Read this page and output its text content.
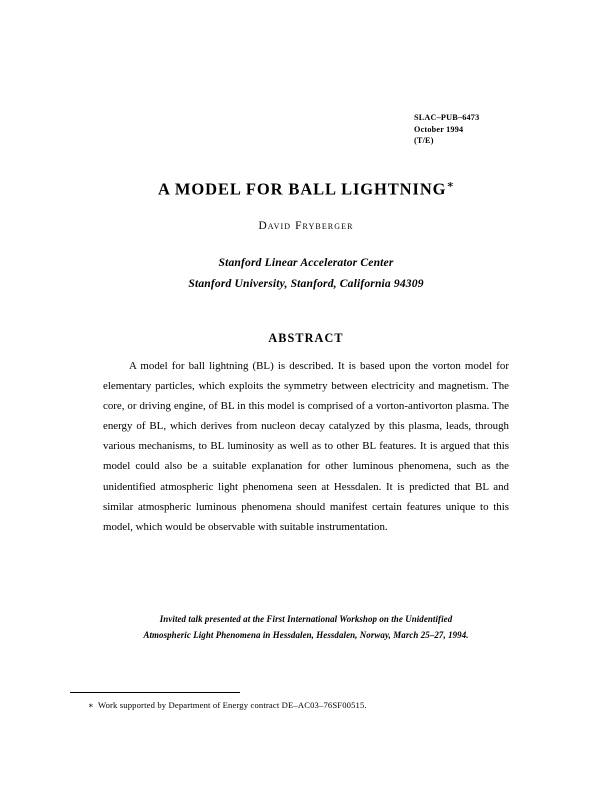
SLAC–PUB–6473
October 1994
(T/E)
A MODEL FOR BALL LIGHTNING∗
David Fryberger
Stanford Linear Accelerator Center
Stanford University, Stanford, California 94309
ABSTRACT

A model for ball lightning (BL) is described. It is based upon the vorton model for elementary particles, which exploits the symmetry between electricity and magnetism. The core, or driving engine, of BL in this model is comprised of a vorton-antivorton plasma. The energy of BL, which derives from nucleon decay catalyzed by this plasma, leads, through various mechanisms, to BL luminosity as well as to other BL features. It is argued that this model could also be a suitable explanation for other luminous phenomena, such as the unidentified atmospheric light phenomena seen at Hessdalen. It is predicted that BL and similar atmospheric luminous phenomena should manifest certain features unique to this model, which would be observable with suitable instrumentation.

Invited talk presented at the First International Workshop on the Unidentified
Atmospheric Light Phenomena in Hessdalen, Hessdalen, Norway, March 25–27, 1994.
∗ Work supported by Department of Energy contract DE–AC03–76SF00515.
